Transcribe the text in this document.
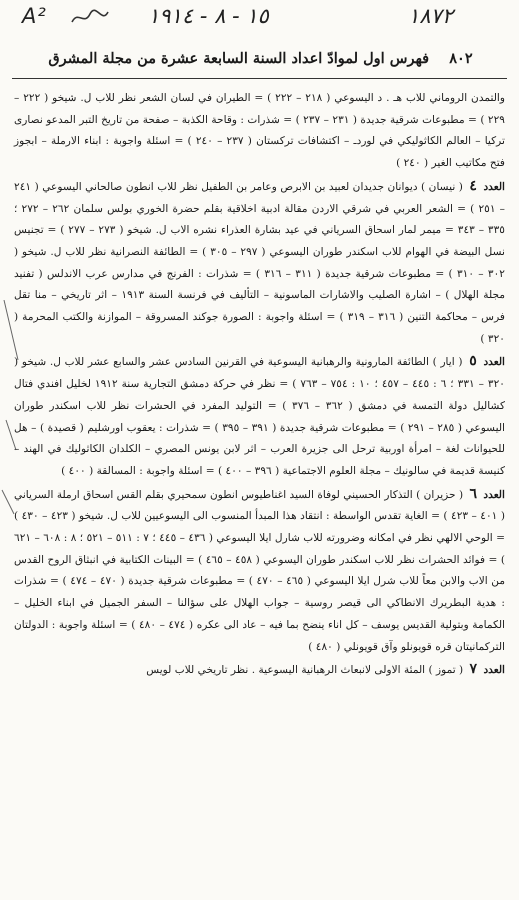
A²	١٥ - ٨ - ١٩١٤	١٨٧٢
٨٠٢    فهرس اول لموادّ اعداد السنة السابعة عشرة من مجلة المشرق

والتمدن الروماني للاب هـ . د اليسوعي ( ٢١٨ – ٢٢٢ ) = الطيران في لسان الشعر نظر للاب ل. شيخو ( ٢٢٢ – ٢٢٩ ) = مطبوعات شرقية جديدة ( ٢٣١ – ٢٣٧ ) = شذرات : وقاحة الكذبة – صفحة من تاريخ التبر المدعو نصارى تركيا – العالم الكاثوليكي في لوردـ – اكتشافات تركستان ( ٢٣٧ – ٢٤٠ ) = اسئلة واجوبة : ابناء الارملة – ابجوز فتح مكاتيب الغير ( ٢٤٠ )

العدد ٤ ( نيسان ) ديوانان جديدان لعبيد بن الابرص وعامر بن الطفيل نظر للاب انطون صالحاني اليسوعي ( ٢٤١ – ٢٥١ ) = الشعر العربي في شرقي الاردن مقالة ادبية اخلاقية بقلم حضرة الخوري بولس سلمان ٢٦٢ – ٢٧٢ ؛ ٣٣٥ – ٣٤٣ = ميمر لمار اسحاق السرياني في عيد بشارة العذراء نشره الاب ل. شيخو ( ٢٧٣ – ٢٧٧ ) = تجنيس نسل البيضة في الهوام للاب اسكندر طوران اليسوعي ( ٢٩٧ – ٣٠٥ ) = الطائفة النصرانية نظر للاب ل. شيخو ( ٣٠٢ – ٣١٠ ) = مطبوعات شرقية جديدة ( ٣١١ – ٣١٦ ) = شذرات : الفرنج في مدارس عرب الاندلس ( تفنيد مجلة الهلال ) – اشارة الصليب والاشارات الماسونية – التأليف في فرنسة السنة ١٩١٣ – اثر تاريخي – منا تقل فرس – محاكمة التنين ( ٣١٦ – ٣١٩ ) = اسئلة واجوبة : الصورة جوكند المسروقة – الموازنة والكتب المحرمة ( ٣٢٠ )

العدد ٥ ( ايار ) الطائفة المارونية والرهبانية اليسوعية في القرنين السادس عشر والسابع عشر للاب ل. شيخو ( ٣٢٠ – ٣٣١ ؛ ٦ : ٤٤٥ – ٤٥٧ ؛ ١٠ : ٧٥٤ – ٧٦٣ ) = نظر في حركة دمشق التجارية سنة ١٩١٢ لخليل افندي فتال كشاليل دولة التمسة في دمشق ( ٣٦٢ – ٣٧٦ ) = التوليد المفرد في الحشرات نظر للاب اسكندر طوران اليسوعي ( ٢٨٥ – ٢٩١ ) = مطبوعات شرقية جديدة ( ٣٩١ – ٣٩٥ ) = شذرات : يعقوب اورشليم ( قصيدة ) – هل للحيوانات لغة – امرأة اوربية ترحل الى جزيرة العرب – اثر لابن يونس المصري – الكلدان الكاثوليك في الهند – كنيسة قديمة في سالونيك – مجلة العلوم الاجتماعية ( ٣٩٦ – ٤٠٠ ) = اسئلة واجوبة : المسالقة ( ٤٠٠ )

العدد ٦ ( حزيران ) التذكار الحسيني لوفاة السيد اغناطيوس انطون سمحيري بقلم القس اسحاق ارملة السرياني ( ٤٠١ – ٤٢٣ ) = الغاية تقدس الواسطة : انتقاد هذا المبدأ المنسوب الى اليسوعيين للاب ل. شيخو ( ٤٢٣ – ٤٣٠ ) = الوحي الالهي نظر في امكانه وضرورته للاب شارل ايلا اليسوعي ( ٤٣٦ – ٤٤٥ ؛ ٧ : ٥١١ – ٥٢١ ؛ ٨ : ٦٠٨ – ٦٢١ ) = فوائد الحشرات نظر للاب اسكندر طوران اليسوعي ( ٤٥٨ – ٤٦٥ ) = البينات الكتابية في انبثاق الروح القدس من الاب والابن معاً للاب شرل ايلا اليسوعي ( ٤٦٥ – ٤٧٠ ) = مطبوعات شرقية جديدة ( ٤٧٠ – ٤٧٤ ) = شذرات : هدية البطريرك الانطاكي الى قيصر روسية – جواب الهلال على سؤالنا – السفر الجميل في ابناء الخليل – الكمامة وبتولية القديس يوسف – كل اناء ينضح بما فيه – عاد الى عكره ( ٤٧٤ – ٤٨٠ ) = اسئلة واجوبة : الدولتان التركمانيتان قره قويونلو وآق قويونلي ( ٤٨٠ )

العدد ٧ ( تموز ) المئة الاولى لانبعاث الرهبانية اليسوعية . نظر تاريخي للاب لويس
